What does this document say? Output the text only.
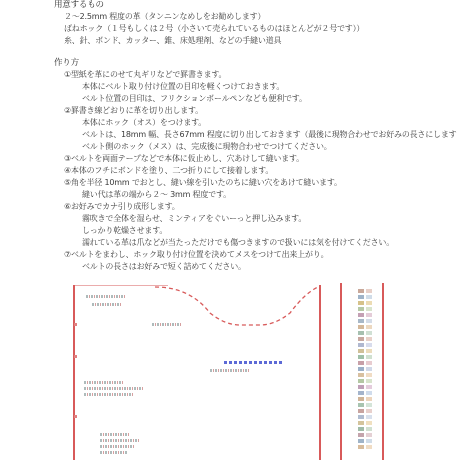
用意するもの
２～2.5mm 程度の革（タンニンなめしをお勧めします）
ばねホック（１号もしくは２号（小さいて売られているものはほとんどが２号です））
糸、針、ボンド、カッター、錐、床処理剤、などの手縫い道具
作り方
①型紙を革にのせて丸ギリなどで罫書きます。
本体にベルト取り付け位置の目印を軽くつけておきます。
ベルト位置の目印は、フリクションボールペンなども便利です。
②罫書き線どおりに革を切り出します。
本体にホック（オス）をつけます。
ベルトは、18mm 幅、長さ67mm 程度に切り出しておきます（最後に現物合わせでお好みの長さにします
ベルト側のホック（メス）は、完成後に現物合わせでつけてください。
③ベルトを両面テープなどで本体に仮止めし、穴あけして縫います。
④本体のフチにボンドを塗り、二つ折りにして接着します。
⑤角を半径 10mm でおとし、縫い線を引いたのちに縫い穴をあけて縫います。
縫い代は革の端から２～ 3mm 程度です。
⑥お好みでカナ引り成形します。
霧吹きで全体を湿らせ、ミンティアをぐいーっと押し込みます。
しっかり乾燥させます。
濡れている革は爪などが当たっただけでも傷つきますので扱いには気を付けてください。
⑦ベルトをまわし、ホック取り付け位置を決めてメスをつけて出来上がり。
ベルトの長さはお好みで短く詰めてください。
